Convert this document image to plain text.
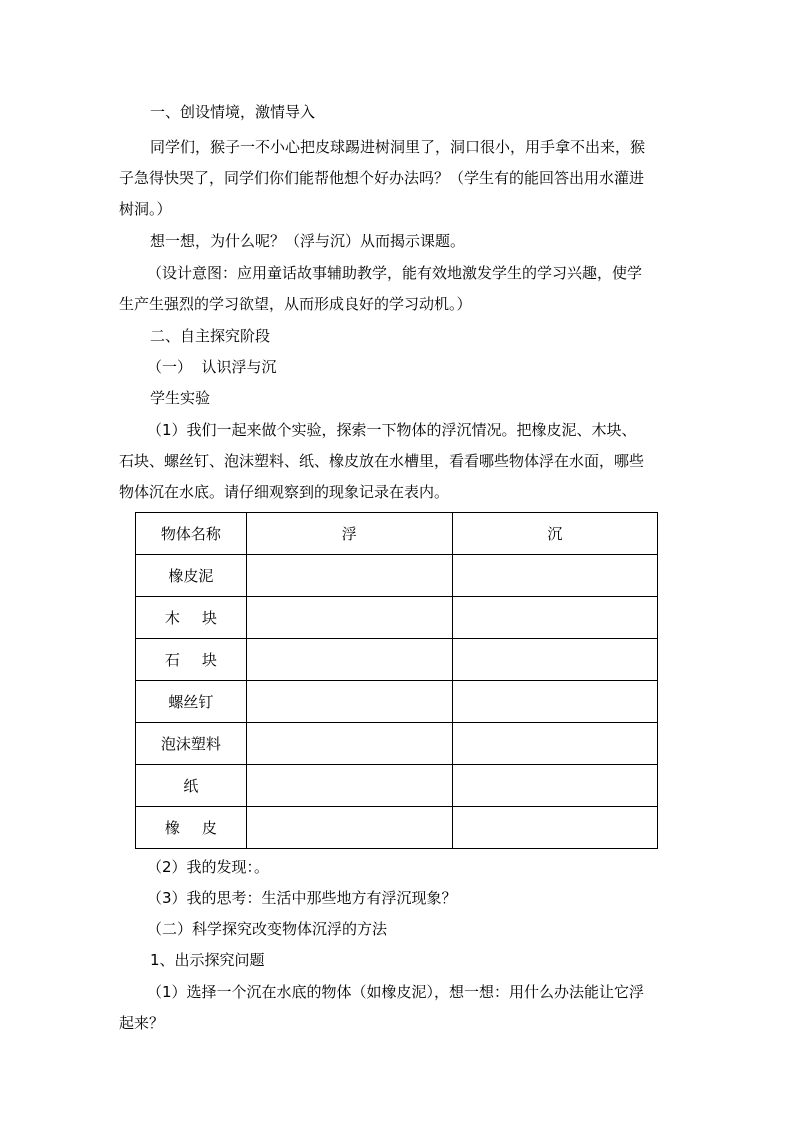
一、创设情境，激情导入
同学们，猴子一不小心把皮球踢进树洞里了，洞口很小，用手拿不出来，猴
子急得快哭了，同学们你们能帮他想个好办法吗？（学生有的能回答出用水灌进
树洞。）
想一想，为什么呢？（浮与沉）从而揭示课题。
（设计意图：应用童话故事辅助教学，能有效地激发学生的学习兴趣，使学
生产生强烈的学习欲望，从而形成良好的学习动机。）
二、自主探究阶段
（一）  认识浮与沉
学生实验
（1）我们一起来做个实验，探索一下物体的浮沉情况。把橡皮泥、木块、
石块、螺丝钉、泡沫塑料、纸、橡皮放在水槽里，看看哪些物体浮在水面，哪些
物体沉在水底。请仔细观察到的现象记录在表内。
物体名称	浮	沉
橡皮泥		
木块		
石块		
螺丝钉		
泡沫塑料		
纸		
橡皮		
（2）我的发现：。
（3）我的思考：生活中那些地方有浮沉现象？
（二）科学探究改变物体沉浮的方法
1、出示探究问题
（1）选择一个沉在水底的物体（如橡皮泥），想一想：用什么办法能让它浮
起来？
